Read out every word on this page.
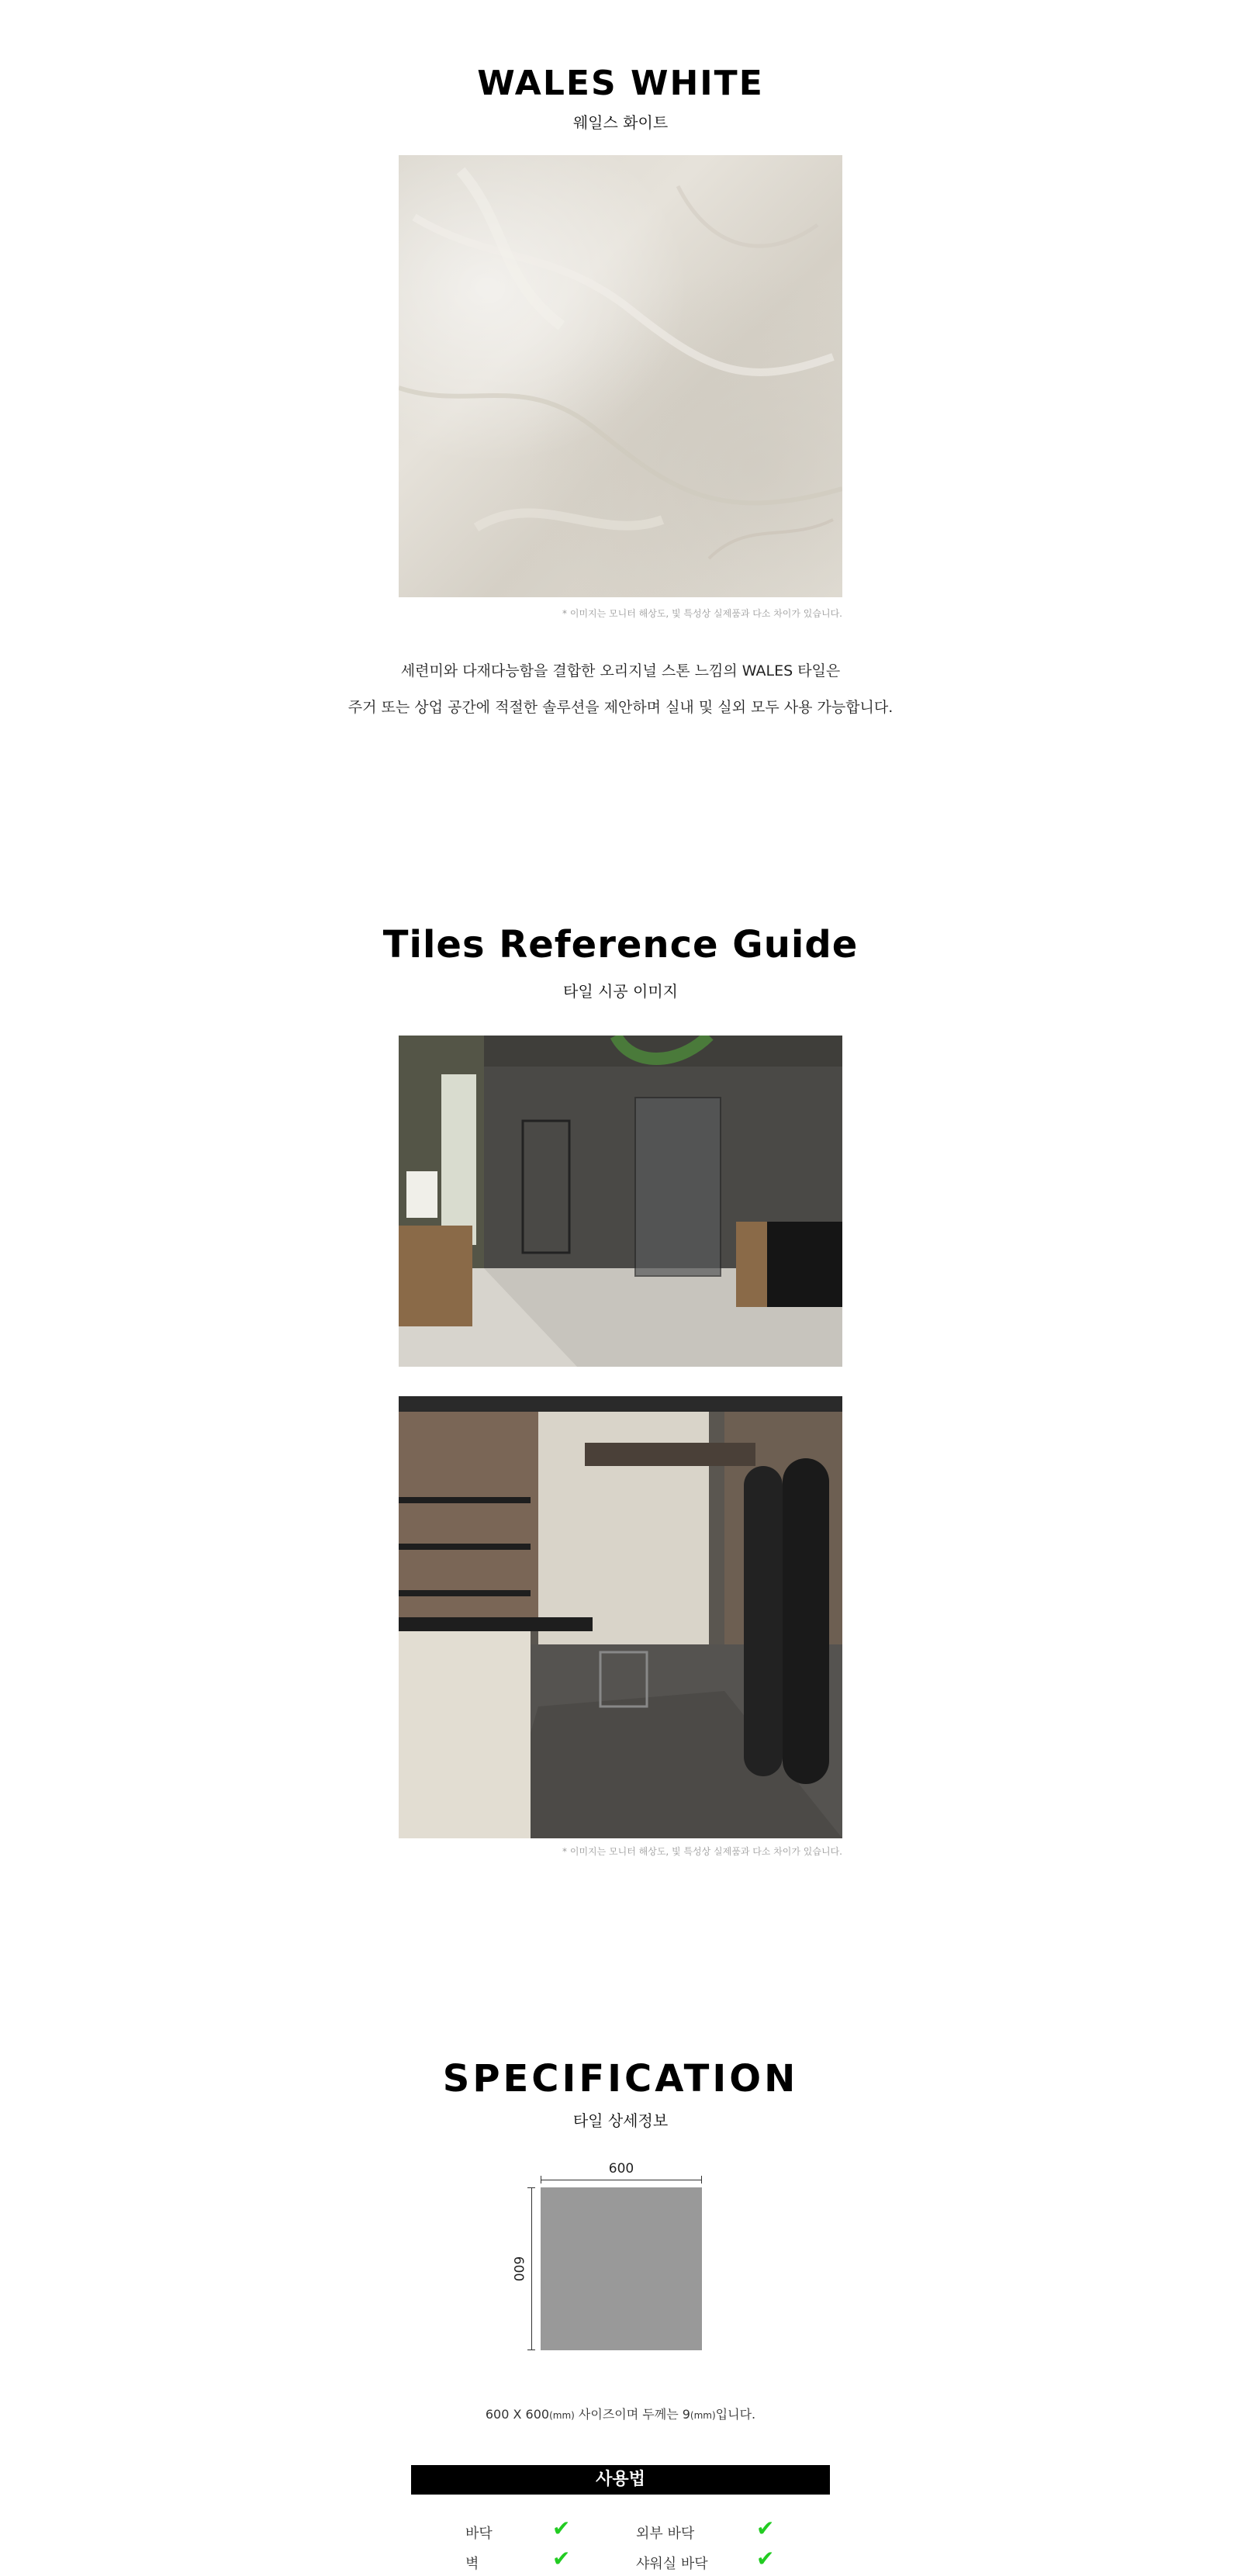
WALES WHITE
웨일스 화이트
* 이미지는 모니터 해상도, 빛 특성상 실제품과 다소 차이가 있습니다.
세련미와 다재다능함을 결합한 오리지널 스톤 느낌의 WALES 타일은
주거 또는 상업 공간에 적절한 솔루션을 제안하며 실내 및 실외 모두 사용 가능합니다.
Tiles Reference Guide
타일 시공 이미지
* 이미지는 모니터 해상도, 빛 특성상 실제품과 다소 차이가 있습니다.
SPECIFICATION
타일 상세정보
600
600
600 X 600(mm) 사이즈이며 두께는 9(mm)입니다.
사용법
바닥	✔	외부 바닥	✔
벽	✔	샤워실 바닥 ✔
